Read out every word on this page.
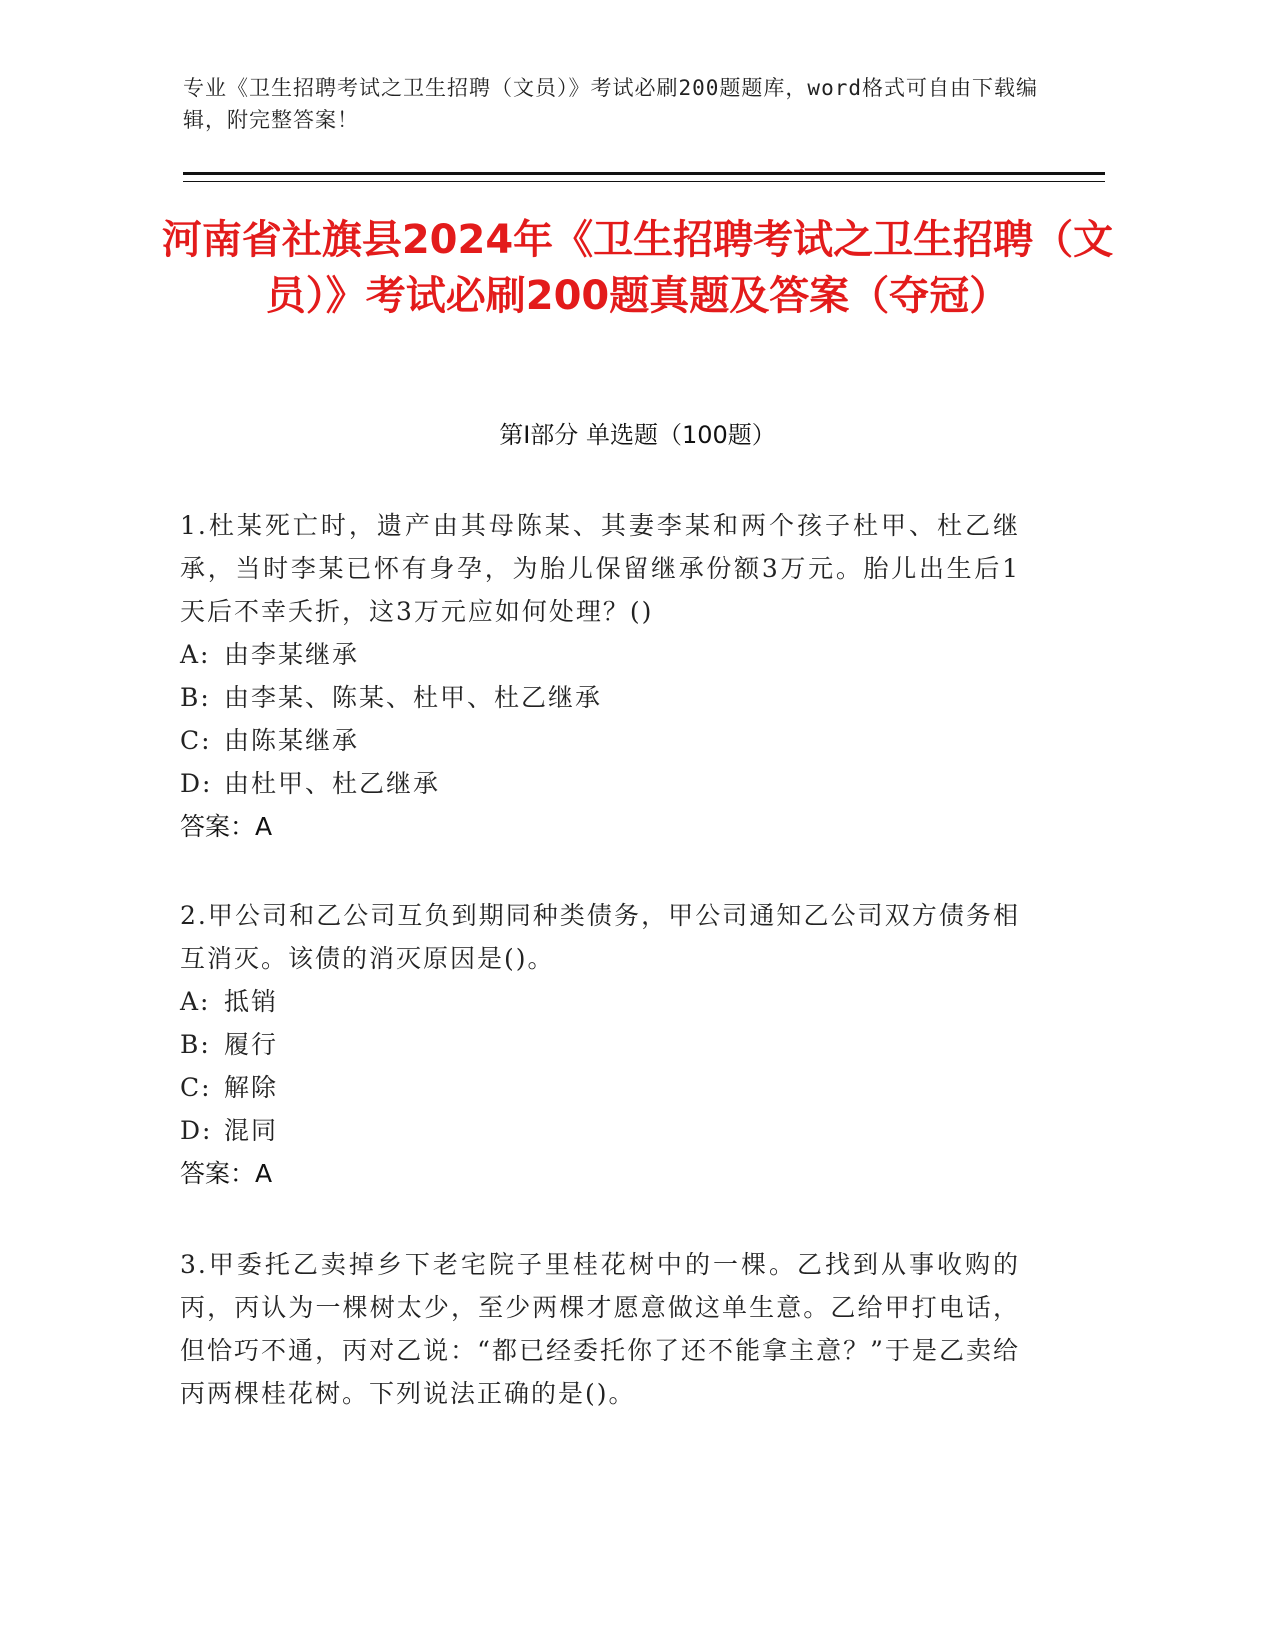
专业《卫生招聘考试之卫生招聘（文员）》考试必刷200题题库，word格式可自由下载编辑，附完整答案！
河南省社旗县2024年《卫生招聘考试之卫生招聘（文员）》考试必刷200题真题及答案（夺冠）
第I部分 单选题（100题）
1.杜某死亡时，遗产由其母陈某、其妻李某和两个孩子杜甲、杜乙继承，当时李某已怀有身孕，为胎儿保留继承份额3万元。胎儿出生后1天后不幸夭折，这3万元应如何处理？()
A: 由李某继承
B: 由李某、陈某、杜甲、杜乙继承
C: 由陈某继承
D: 由杜甲、杜乙继承
答案：A
2.甲公司和乙公司互负到期同种类债务，甲公司通知乙公司双方债务相互消灭。该债的消灭原因是()。
A: 抵销
B: 履行
C: 解除
D: 混同
答案：A
3.甲委托乙卖掉乡下老宅院子里桂花树中的一棵。乙找到从事收购的丙，丙认为一棵树太少，至少两棵才愿意做这单生意。乙给甲打电话，但恰巧不通，丙对乙说：“都已经委托你了还不能拿主意？”于是乙卖给丙两棵桂花树。下列说法正确的是()。
